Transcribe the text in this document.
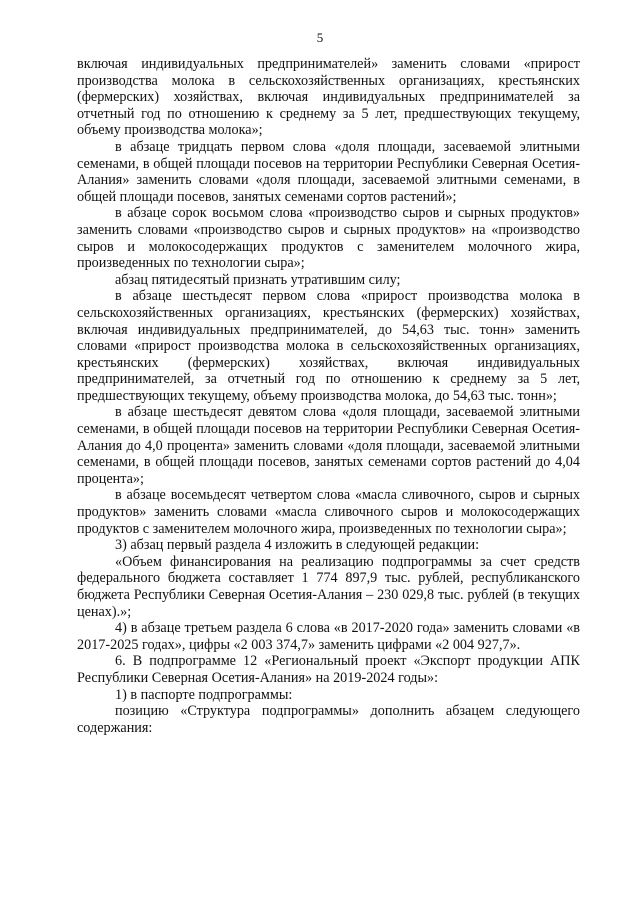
5

включая индивидуальных предпринимателей» заменить словами «прирост производства молока в сельскохозяйственных организациях, крестьянских (фермерских) хозяйствах, включая индивидуальных предпринимателей за отчетный год по отношению к среднему за 5 лет, предшествующих текущему, объему производства молока»;

в абзаце тридцать первом слова «доля площади, засеваемой элитными семенами, в общей площади посевов на территории Республики Северная Осетия-Алания» заменить словами «доля площади, засеваемой элитными семенами, в общей площади посевов, занятых семенами сортов растений»;

в абзаце сорок восьмом слова «производство сыров и сырных продуктов» заменить словами «производство сыров и сырных продуктов» на «производство сыров и молокосодержащих продуктов с заменителем молочного жира, произведенных по технологии сыра»;

абзац пятидесятый признать утратившим силу;

в абзаце шестьдесят первом слова «прирост производства молока в сельскохозяйственных организациях, крестьянских (фермерских) хозяйствах, включая индивидуальных предпринимателей, до 54,63 тыс. тонн» заменить словами «прирост производства молока в сельскохозяйственных организациях, крестьянских (фермерских) хозяйствах, включая индивидуальных предпринимателей, за отчетный год по отношению к среднему за 5 лет, предшествующих текущему, объему производства молока, до 54,63 тыс. тонн»;

в абзаце шестьдесят девятом слова «доля площади, засеваемой элитными семенами, в общей площади посевов на территории Республики Северная Осетия-Алания до 4,0 процента» заменить словами «доля площади, засеваемой элитными семенами, в общей площади посевов, занятых семенами сортов растений до 4,04 процента»;

в абзаце восемьдесят четвертом слова «масла сливочного, сыров и сырных продуктов» заменить словами «масла сливочного сыров и молокосодержащих продуктов с заменителем молочного жира, произведенных по технологии сыра»;

3) абзац первый раздела 4 изложить в следующей редакции:

«Объем финансирования на реализацию подпрограммы за счет средств федерального бюджета составляет 1 774 897,9 тыс. рублей, республиканского бюджета Республики Северная Осетия-Алания – 230 029,8 тыс. рублей (в текущих ценах).»;

4) в абзаце третьем раздела 6 слова «в 2017-2020 года» заменить словами «в 2017-2025 годах», цифры «2 003 374,7» заменить цифрами «2 004 927,7».

6. В подпрограмме 12 «Региональный проект «Экспорт продукции АПК Республики Северная Осетия-Алания» на 2019-2024 годы»:

1) в паспорте подпрограммы:

позицию «Структура подпрограммы» дополнить абзацем следующего содержания:
